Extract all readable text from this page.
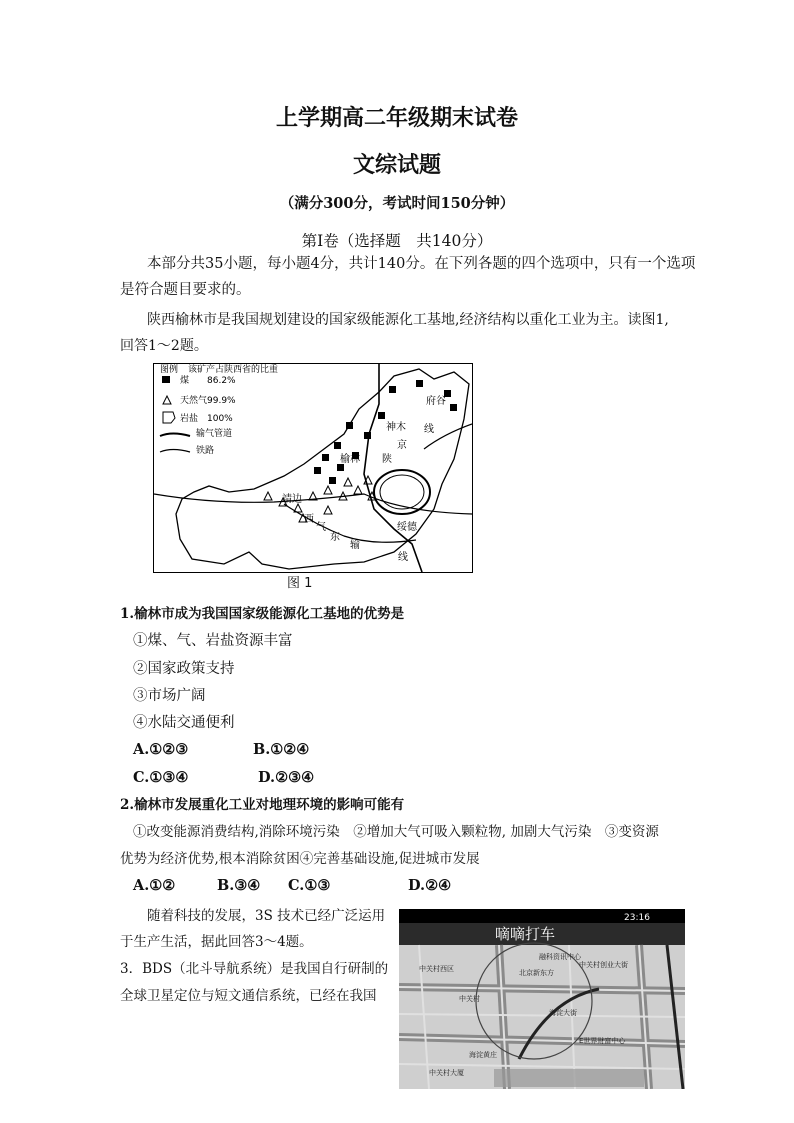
上学期高二年级期末试卷
文综试题
（满分300分，考试时间150分钟）
第Ⅰ卷（选择题　共140分）
本部分共35小题，每小题4分，共计140分。在下列各题的四个选项中，只有一个选项
是符合题目要求的。
陕西榆林市是我国规划建设的国家级能源化工基地,经济结构以重化工业为主。读图1,
回答1～2题。
图例 该矿产占陕西省的比重
煤　　86.2%
天然气99.9%
岩盐　100%
输气管道
铁路
府谷
神木 线
榆林 陕
京
靖边
西
气
东
输
绥德
线
图 1
1.榆林市成为我国国家级能源化工基地的优势是
①煤、气、岩盐资源丰富
②国家政策支持
③市场广阔
④水陆交通便利
A.①②③	B.①②④
C.①③④	D.②③④
2.榆林市发展重化工业对地理环境的影响可能有
①改变能源消费结构,消除环境污染　②增加大气可吸入颗粒物, 加剧大气污染　③变资源
优势为经济优势,根本消除贫困④完善基础设施,促进城市发展
A.①②	B.③④ C.①③	D.②④
随着科技的发展，3S 技术已经广泛运用
于生产生活，据此回答3～4题。
3．BDS（北斗导航系统）是我国自行研制的
全球卫星定位与短文通信系统，已经在我国
23:16
嘀嘀打车
融科资讯中心
中关村西区	北京新东方
中关村创业大街
中关村
海淀大街
E世界财富中心
海淀黄庄
中关村大厦
